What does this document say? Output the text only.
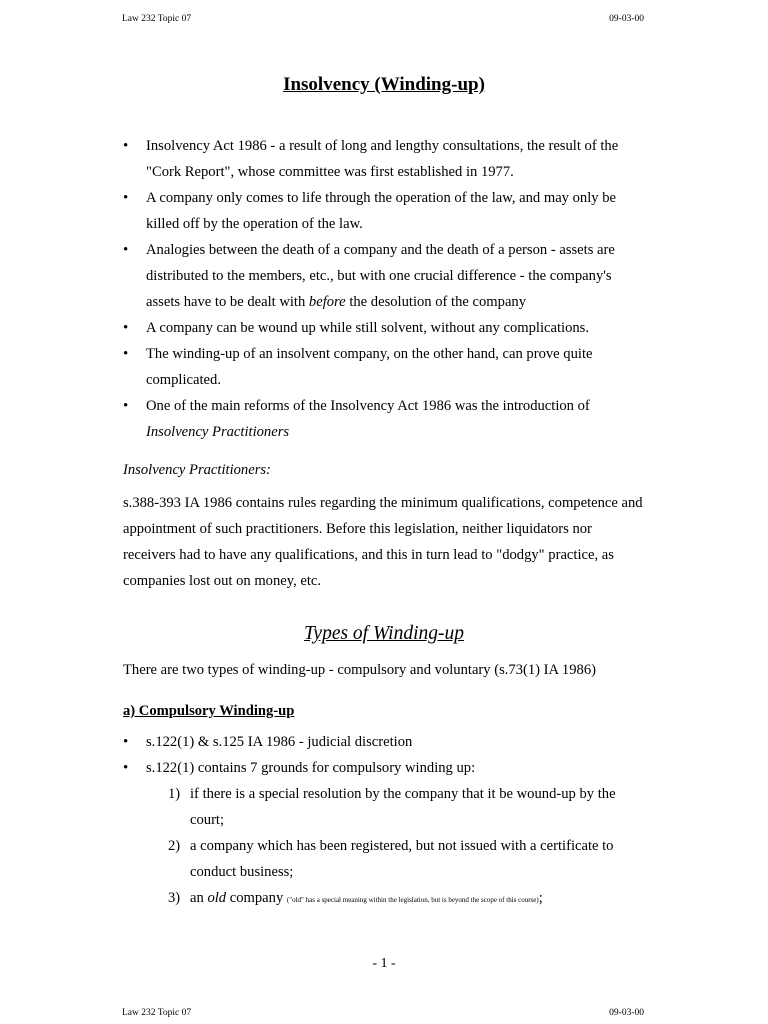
Law 232 Topic 07	09-03-00
Insolvency (Winding-up)
• Insolvency Act 1986 - a result of long and lengthy consultations, the result of the "Cork Report", whose committee was first established in 1977.
• A company only comes to life through the operation of the law, and may only be killed off by the operation of the law.
• Analogies between the death of a company and the death of a person - assets are distributed to the members, etc., but with one crucial difference - the company's assets have to be dealt with before the desolution of the company
• A company can be wound up while still solvent, without any complications.
• The winding-up of an insolvent company, on the other hand, can prove quite complicated.
• One of the main reforms of the Insolvency Act 1986 was the introduction of Insolvency Practitioners
Insolvency Practitioners:

s.388-393 IA 1986 contains rules regarding the minimum qualifications, competence and appointment of such practitioners. Before this legislation, neither liquidators nor receivers had to have any qualifications, and this in turn lead to "dodgy" practice, as companies lost out on money, etc.

Types of Winding-up
There are two types of winding-up - compulsory and voluntary (s.73(1) IA 1986)
a) Compulsory Winding-up
• s.122(1) & s.125 IA 1986 - judicial discretion
• s.122(1) contains 7 grounds for compulsory winding up:
1) if there is a special resolution by the company that it be wound-up by the court;
2) a company which has been registered, but not issued with a certificate to conduct business;
3) an old company ("old" has a special meaning within the legislation, but is beyond the scope of this course);
- 1 -
Law 232 Topic 07	09-03-00
